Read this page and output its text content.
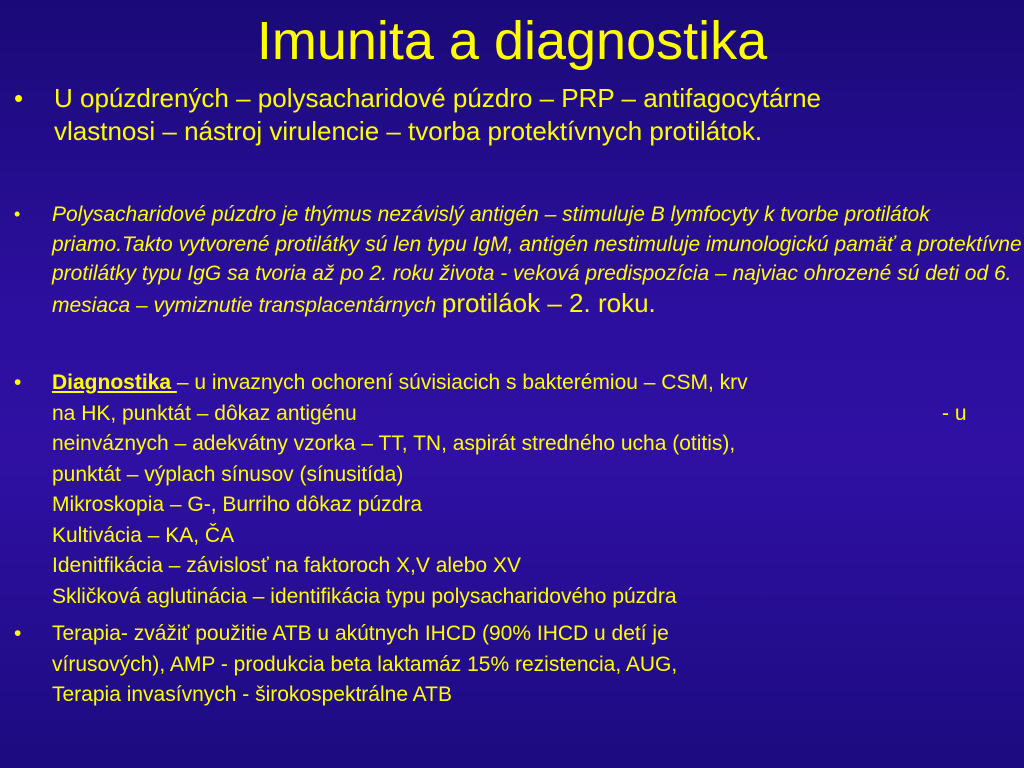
Imunita a diagnostika
• U opúzdrených – polysacharidové púzdro – PRP – antifagocytárne vlastnosi – nástroj virulencie – tvorba protektívnych protilátok.
• Polysacharidové púzdro je thýmus nezávislý antigén – stimuluje B lymfocyty k tvorbe protilátok priamo.Takto vytvorené protilátky sú len typu IgM, antigén nestimuluje imunologickú pamäť a protektívne protilátky typu IgG sa tvoria až po 2. roku života - veková predispozícia – najviac ohrozené sú deti od 6. mesiaca – vymiznutie transplacentárnych protiláok – 2. roku.
• Diagnostika – u invaznych ochorení súvisiacich s bakterémiou – CSM, krv
na HK, punktát – dôkaz antigénu	- u
neinváznych – adekvátny vzorka – TT, TN, aspirát stredného ucha (otitis),
punktát – výplach sínusov (sínusitída)
Mikroskopia – G-, Burriho dôkaz púzdra
Kultivácia – KA, ČA
Idenitfikácia – závislosť na faktoroch X,V alebo XV
Skličková aglutinácia – identifikácia typu polysacharidového púzdra
• Terapia- zvážiť použitie ATB u akútnych IHCD (90% IHCD u detí je
vírusových), AMP - produkcia beta laktamáz 15% rezistencia, AUG,
Terapia invasívnych - širokospektrálne ATB
